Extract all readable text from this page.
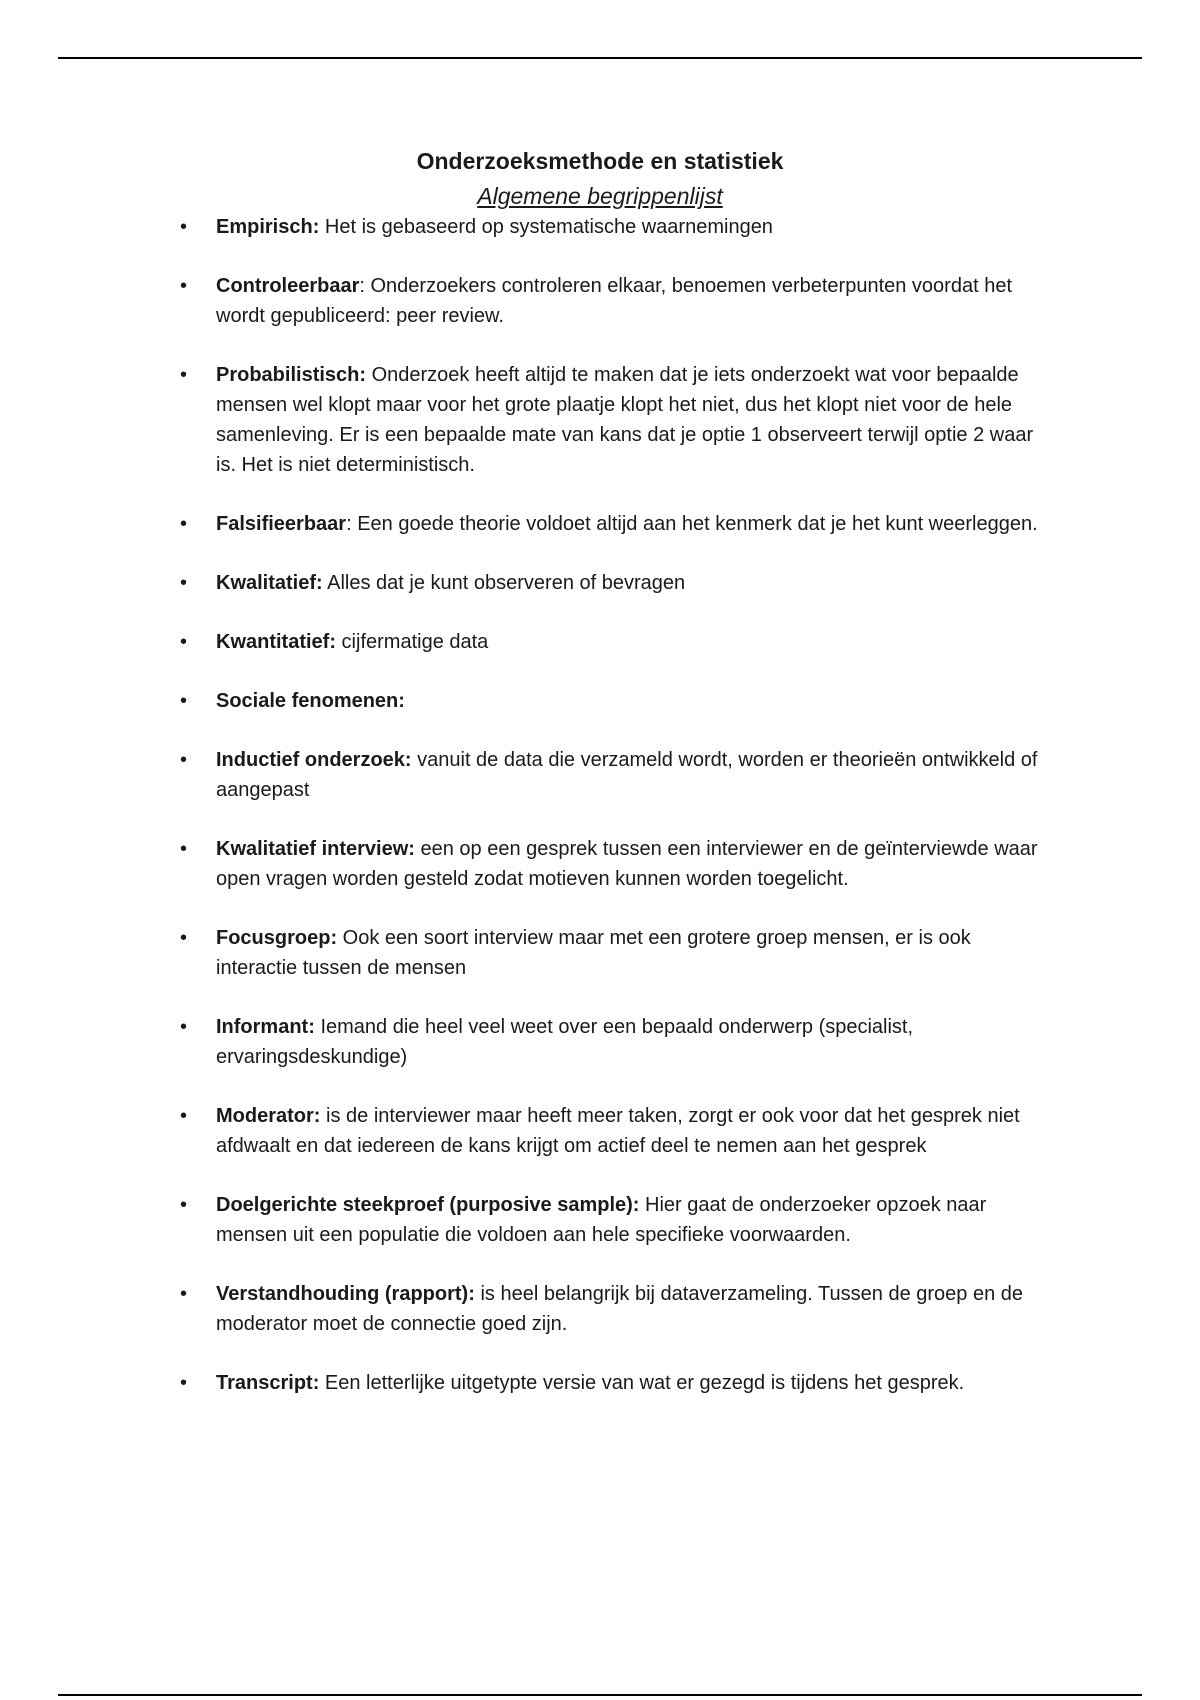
Onderzoeksmethode en statistiek
Algemene begrippenlijst
• Empirisch: Het is gebaseerd op systematische waarnemingen
• Controleerbaar: Onderzoekers controleren elkaar, benoemen verbeterpunten voordat het wordt gepubliceerd: peer review.
• Probabilistisch: Onderzoek heeft altijd te maken dat je iets onderzoekt wat voor bepaalde mensen wel klopt maar voor het grote plaatje klopt het niet, dus het klopt niet voor de hele samenleving. Er is een bepaalde mate van kans dat je optie 1 observeert terwijl optie 2 waar is. Het is niet deterministisch.
• Falsifieerbaar: Een goede theorie voldoet altijd aan het kenmerk dat je het kunt weerleggen.
• Kwalitatief: Alles dat je kunt observeren of bevragen
• Kwantitatief: cijfermatige data
• Sociale fenomenen:
• Inductief onderzoek: vanuit de data die verzameld wordt, worden er theorieën ontwikkeld of aangepast
• Kwalitatief interview: een op een gesprek tussen een interviewer en de geïnterviewde waar open vragen worden gesteld zodat motieven kunnen worden toegelicht.
• Focusgroep: Ook een soort interview maar met een grotere groep mensen, er is ook interactie tussen de mensen
• Informant: Iemand die heel veel weet over een bepaald onderwerp (specialist, ervaringsdeskundige)
• Moderator: is de interviewer maar heeft meer taken, zorgt er ook voor dat het gesprek niet afdwaalt en dat iedereen de kans krijgt om actief deel te nemen aan het gesprek
• Doelgerichte steekproef (purposive sample): Hier gaat de onderzoeker opzoek naar mensen uit een populatie die voldoen aan hele specifieke voorwaarden.
• Verstandhouding (rapport): is heel belangrijk bij dataverzameling. Tussen de groep en de moderator moet de connectie goed zijn.
• Transcript: Een letterlijke uitgetypte versie van wat er gezegd is tijdens het gesprek.
